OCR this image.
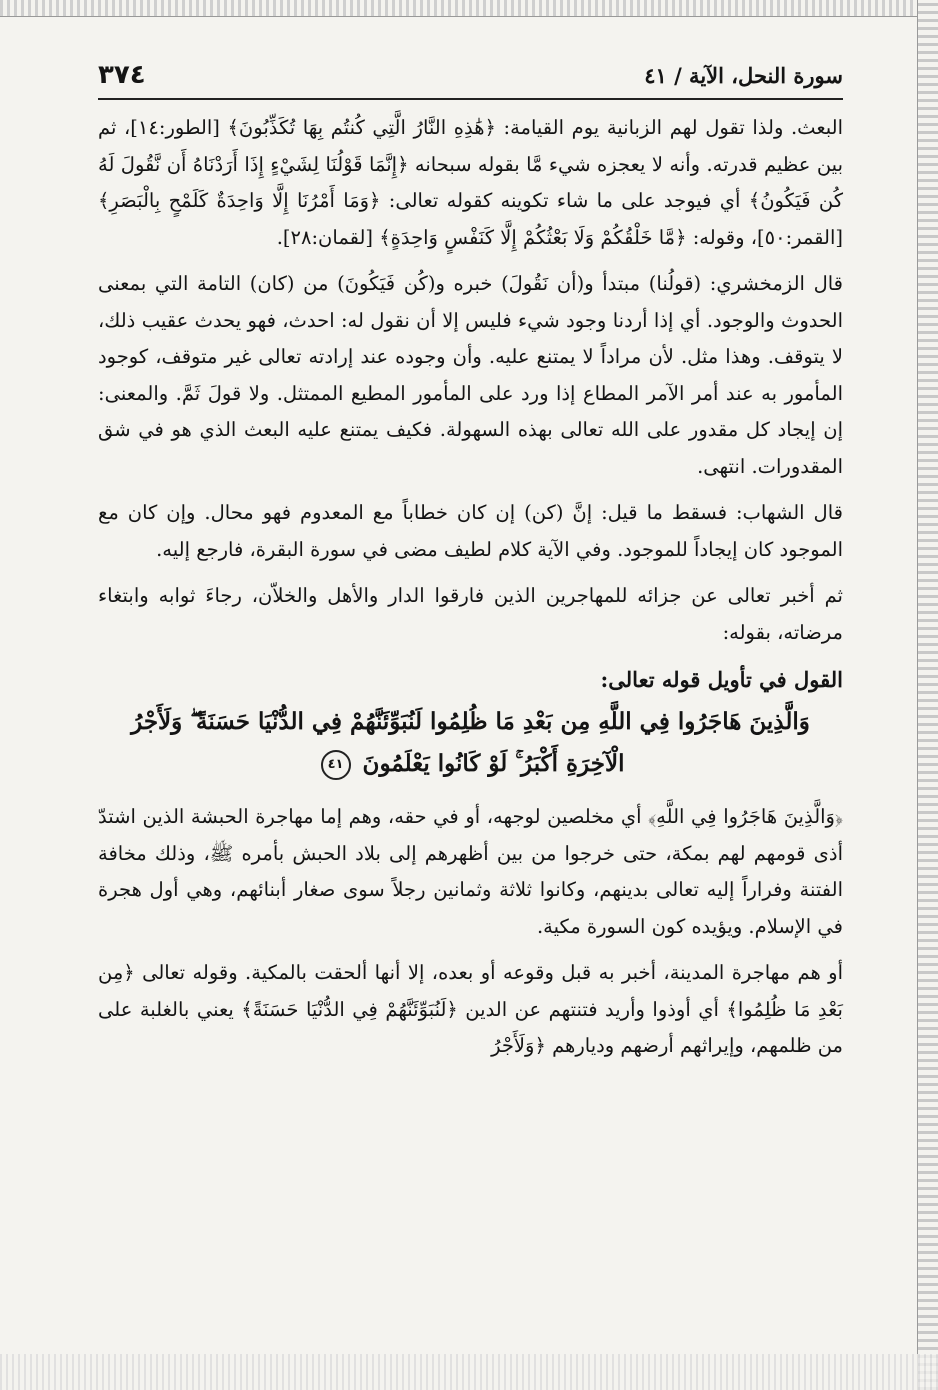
سورة النحل، الآية / ٤١
٣٧٤

البعث. ولذا تقول لهم الزبانية يوم القيامة: ﴿هَٰذِهِ النَّارُ الَّتِي كُنتُم بِهَا تُكَذِّبُونَ﴾ [الطور:١٤]، ثم بين عظيم قدرته. وأنه لا يعجزه شيء مَّا بقوله سبحانه ﴿إِنَّمَا قَوْلُنَا لِشَيْءٍ إِذَا أَرَدْنَاهُ أَن نَّقُولَ لَهُ كُن فَيَكُونُ﴾ أي فيوجد على ما شاء تكوينه كقوله تعالى: ﴿وَمَا أَمْرُنَا إِلَّا وَاحِدَةٌ كَلَمْحٍ بِالْبَصَرِ﴾ [القمر:٥٠]، وقوله: ﴿مَّا خَلْقُكُمْ وَلَا بَعْثُكُمْ إِلَّا كَنَفْسٍ وَاحِدَةٍ﴾ [لقمان:٢٨].

قال الزمخشري: (قولُنا) مبتدأ و(أن نَقُولَ) خبره و(كُن فَيَكُونَ) من (كان) التامة التي بمعنى الحدوث والوجود. أي إذا أردنا وجود شيء فليس إلا أن نقول له: احدث، فهو يحدث عقيب ذلك، لا يتوقف. وهذا مثل. لأن مراداً لا يمتنع عليه. وأن وجوده عند إرادته تعالى غير متوقف، كوجود المأمور به عند أمر الآمر المطاع إذا ورد على المأمور المطيع الممتثل. ولا قولَ ثَمَّ. والمعنى: إن إيجاد كل مقدور على الله تعالى بهذه السهولة. فكيف يمتنع عليه البعث الذي هو في شق المقدورات. انتهى.

قال الشهاب: فسقط ما قيل: إنَّ (كن) إن كان خطاباً مع المعدوم فهو محال. وإن كان مع الموجود كان إيجاداً للموجود. وفي الآية كلام لطيف مضى في سورة البقرة، فارجع إليه.

ثم أخبر تعالى عن جزائه للمهاجرين الذين فارقوا الدار والأهل والخلاّن، رجاءَ ثوابه وابتغاء مرضاته، بقوله:

القول في تأويل قوله تعالى:
وَالَّذِينَ هَاجَرُوا فِي اللَّهِ مِن بَعْدِ مَا ظُلِمُوا لَنُبَوِّئَنَّهُمْ فِي الدُّنْيَا حَسَنَةً ۖ وَلَأَجْرُ الْآخِرَةِ أَكْبَرُ ۚ لَوْ كَانُوا يَعْلَمُونَ ٤١

﴿وَالَّذِينَ هَاجَرُوا فِي اللَّهِ﴾ أي مخلصين لوجهه، أو في حقه، وهم إما مهاجرة الحبشة الذين اشتدّ أذى قومهم لهم بمكة، حتى خرجوا من بين أظهرهم إلى بلاد الحبش بأمره ﷺ، وذلك مخافة الفتنة وفراراً إليه تعالى بدينهم، وكانوا ثلاثة وثمانين رجلاً سوى صغار أبنائهم، وهي أول هجرة في الإسلام. ويؤيده كون السورة مكية.

أو هم مهاجرة المدينة، أخبر به قبل وقوعه أو بعده، إلا أنها ألحقت بالمكية. وقوله تعالى ﴿مِن بَعْدِ مَا ظُلِمُوا﴾ أي أوذوا وأريد فتنتهم عن الدين ﴿لَنُبَوِّئَنَّهُمْ فِي الدُّنْيَا حَسَنَةً﴾ يعني بالغلبة على من ظلمهم، وإيراثهم أرضهم وديارهم ﴿وَلَأَجْرُ
